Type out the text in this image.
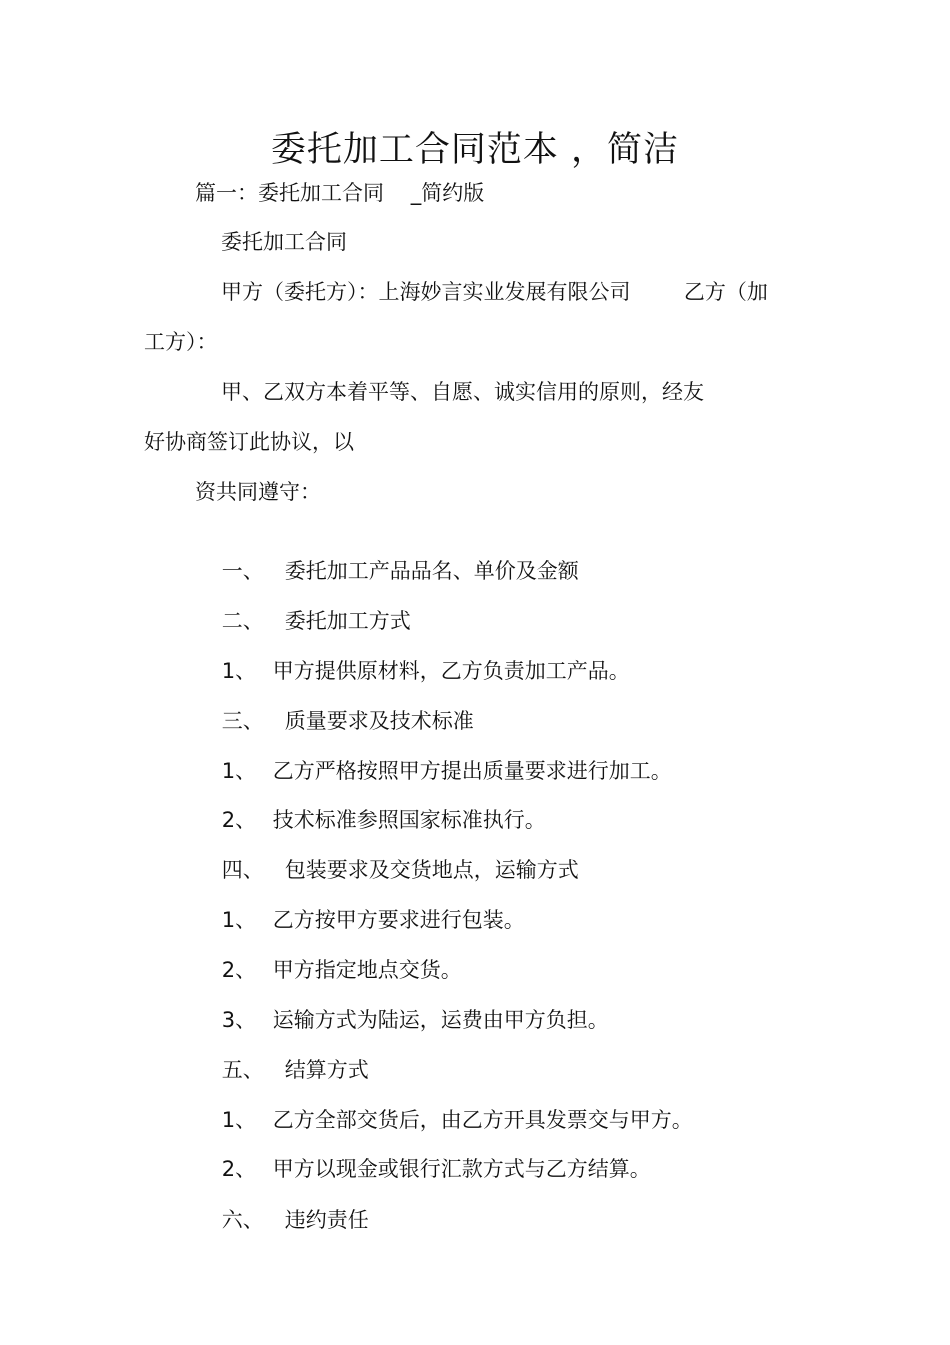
委托加工合同范本 ，简洁
篇一：委托加工合同    _简约版
委托加工合同
甲方（委托方）：上海妙言实业发展有限公司        乙方（加
工方）：
甲、乙双方本着平等、自愿、诚实信用的原则，经友
好协商签订此协议，以
资共同遵守：

一、 委托加工产品品名、单价及金额

二、 委托加工方式

1、 甲方提供原材料，乙方负责加工产品。

三、 质量要求及技术标准

1、 乙方严格按照甲方提出质量要求进行加工。

2、 技术标准参照国家标准执行。

四、 包装要求及交货地点，运输方式

1、 乙方按甲方要求进行包装。

2、 甲方指定地点交货。

3、 运输方式为陆运，运费由甲方负担。

五、 结算方式

1、 乙方全部交货后，由乙方开具发票交与甲方。

2、 甲方以现金或银行汇款方式与乙方结算。

六、 违约责任
